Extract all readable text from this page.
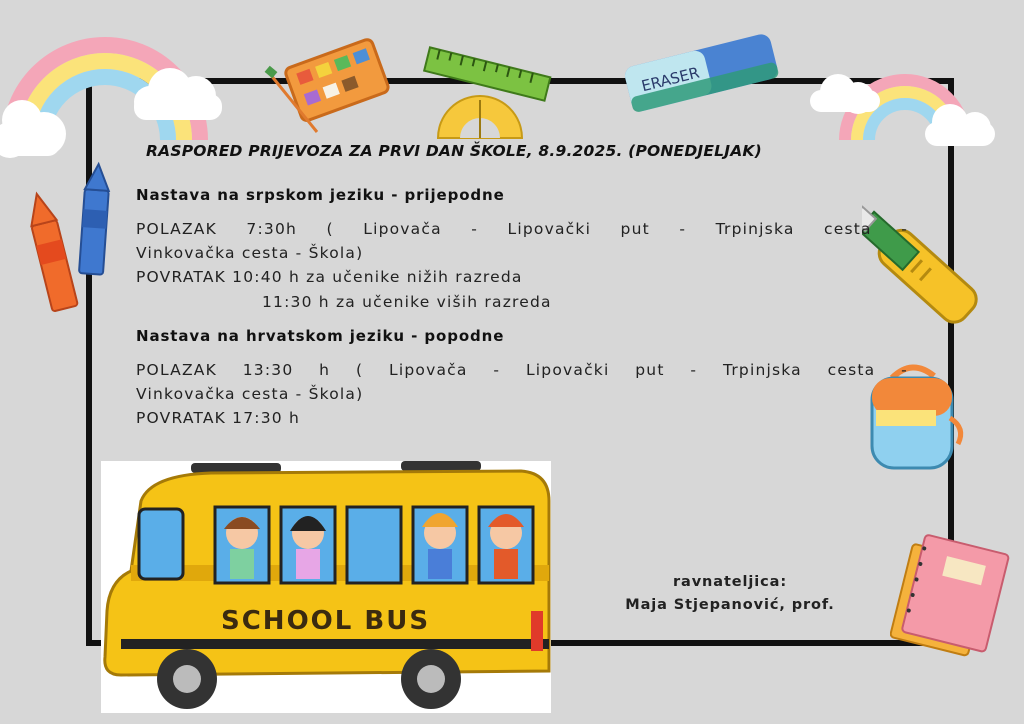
ERASER
RASPORED PRIJEVOZA ZA PRVI DAN ŠKOLE, 8.9.2025. (PONEDJELJAK)
Nastava na srpskom jeziku - prijepodne
POLAZAK 7:30h ( Lipovača - Lipovački put - Trpinjska cesta -
Vinkovačka cesta - Škola)
POVRATAK 10:40 h za učenike nižih razreda
11:30 h za učenike viših razreda
Nastava na hrvatskom jeziku - popodne
POLAZAK 13:30 h ( Lipovača - Lipovački put - Trpinjska cesta -
Vinkovačka cesta - Škola)
POVRATAK 17:30 h
ravnateljica:
Maja Stjepanović, prof.
SCHOOL BUS
